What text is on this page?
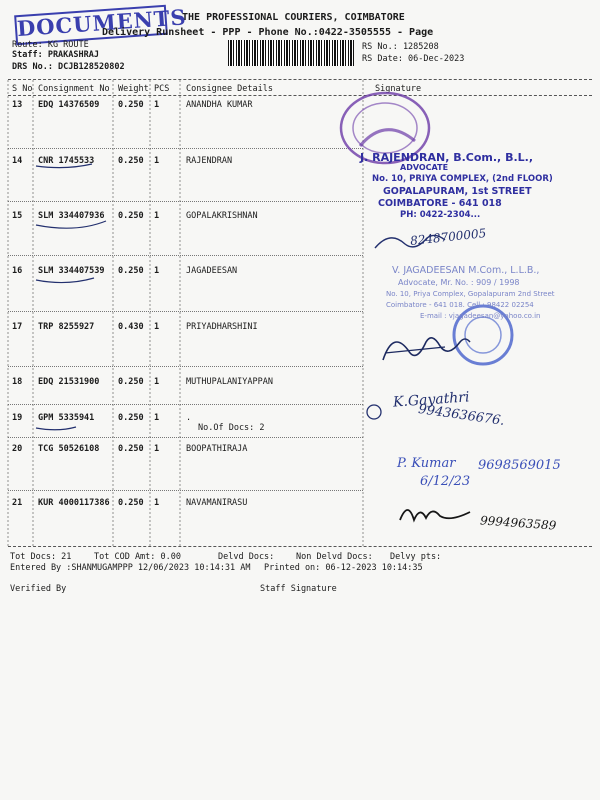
DOCUMENTS
THE PROFESSIONAL COURIERS, COIMBATORE
Delivery Runsheet - PPP - Phone No.:0422-3505555 - Page
Route: KG ROUTE
Staff: PRAKASHRAJ
DRS No.: DCJB128520802
RS No.: 1285208
RS Date: 06-Dec-2023
S No Consignment No Weight PCS Consignee Details	Signature
13 EDQ 14376509 0.250 1	ANANDHA KUMAR
14 CNR 1745533	0.250 1	RAJENDRAN
15 SLM 334407936 0.250 1	GOPALAKRISHNAN
16 SLM 334407539 0.250 1	JAGADEESAN
17 TRP 8255927	0.430 1	PRIYADHARSHINI
18 EDQ 21531900 0.250 1	MUTHUPALANIYAPPAN
19 GPM 5335941	0.250 1	.
No.Of Docs: 2
20 TCG 50526108 0.250 1	BOOPATHIRAJA
21 KUR 4000117386 0.250 1	NAVAMANIRASU
J. RAJENDRAN, B.Com., B.L.,
ADVOCATE
No. 10, PRIYA COMPLEX, (2nd FLOOR)
GOPALAPURAM, 1st STREET
COIMBATORE - 641 018
PH: 0422-2304...
V. JAGADEESAN M.Com., L.L.B.,
Advocate, Mr. No. : 909 / 1998
No. 10, Priya Complex, Gopalapuram 2nd Street
Coimbatore - 641 018. Cell : 98422 02254
E-mail : vjagadeesan@yahoo.co.in
8248700005
K.Gayathri
9943636676.
P. Kumar 9698569015
6/12/23
9994963589
Tot Docs: 21	Tot COD Amt: 0.00	Delvd Docs:	Non Delvd Docs: Delvy pts:
Entered By :SHANMUGAMPPP 12/06/2023 10:14:31 AM Printed on: 06-12-2023 10:14:35
Verified By	Staff Signature
